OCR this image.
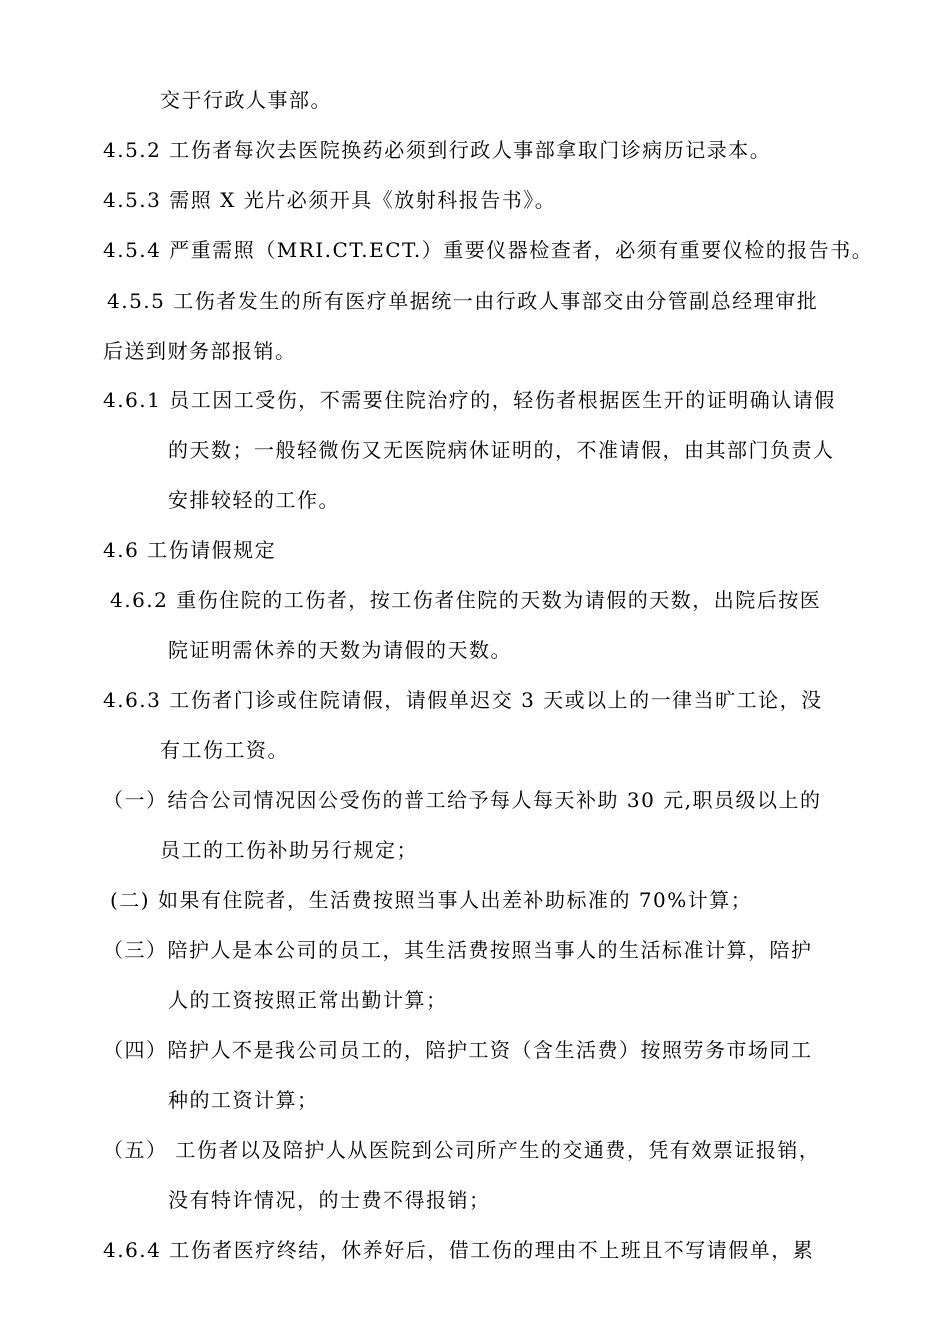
交于行政人事部。
4.5.2 工伤者每次去医院换药必须到行政人事部拿取门诊病历记录本。
4.5.3 需照 X 光片必须开具《放射科报告书》。
4.5.4 严重需照（MRI.CT.ECT.）重要仪器检查者，必须有重要仪检的报告书。
4.5.5 工伤者发生的所有医疗单据统一由行政人事部交由分管副总经理审批
后送到财务部报销。
4.6.1 员工因工受伤，不需要住院治疗的，轻伤者根据医生开的证明确认请假
的天数；一般轻微伤又无医院病休证明的，不准请假，由其部门负责人
安排较轻的工作。
4.6 工伤请假规定
4.6.2 重伤住院的工伤者，按工伤者住院的天数为请假的天数，出院后按医
院证明需休养的天数为请假的天数。
4.6.3 工伤者门诊或住院请假，请假单迟交 3 天或以上的一律当旷工论，没
有工伤工资。
（一）结合公司情况因公受伤的普工给予每人每天补助 30 元,职员级以上的
员工的工伤补助另行规定；
(二) 如果有住院者，生活费按照当事人出差补助标准的 70%计算；
（三）陪护人是本公司的员工，其生活费按照当事人的生活标准计算，陪护
人的工资按照正常出勤计算；
（四）陪护人不是我公司员工的，陪护工资（含生活费）按照劳务市场同工
种的工资计算；
（五） 工伤者以及陪护人从医院到公司所产生的交通费，凭有效票证报销，
没有特许情况，的士费不得报销；
4.6.4 工伤者医疗终结，休养好后，借工伤的理由不上班且不写请假单，累
